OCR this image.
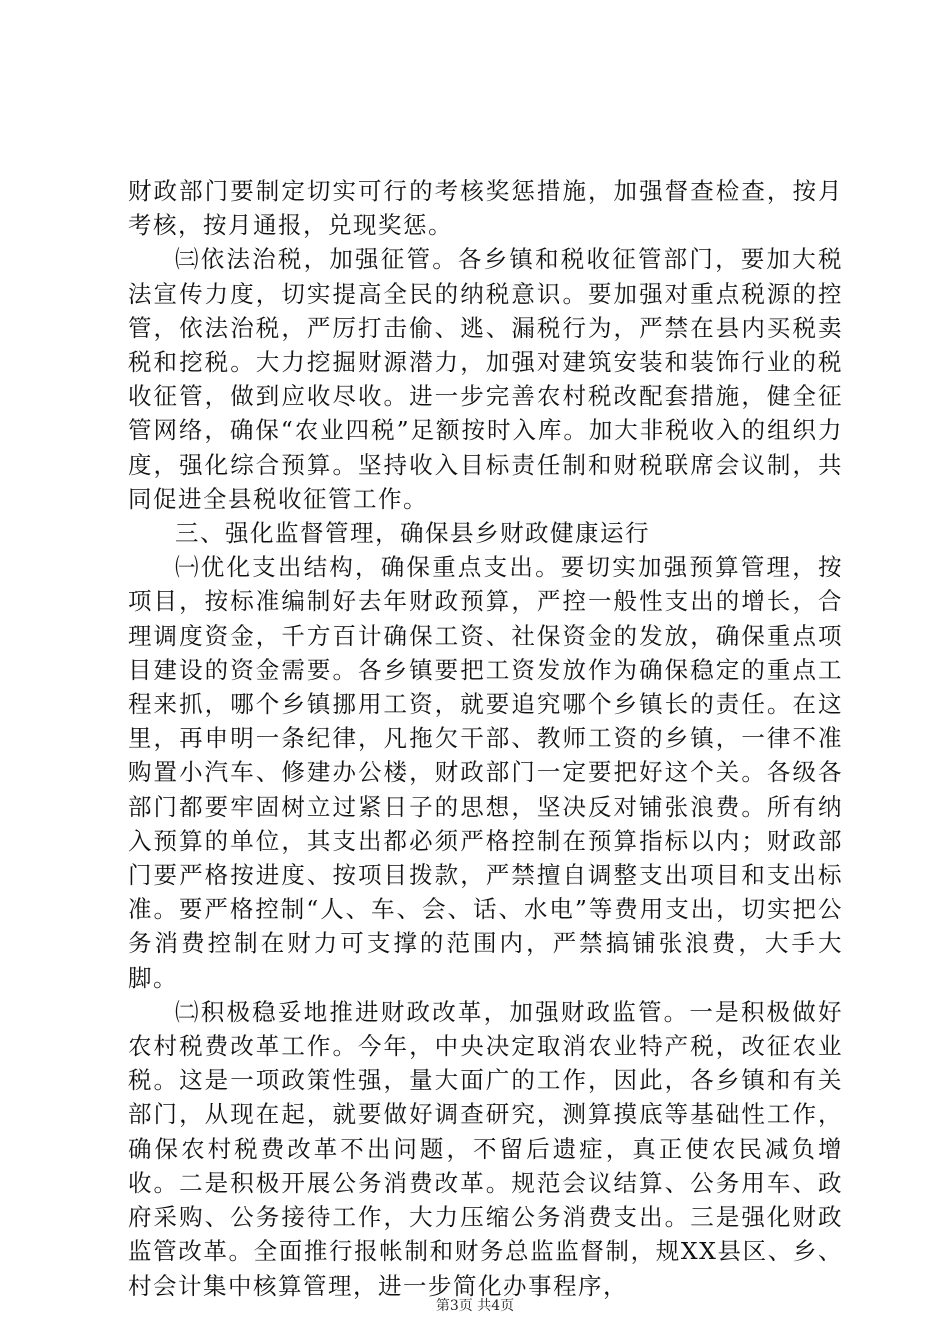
财政部门要制定切实可行的考核奖惩措施，加强督查检查，按月考核，按月通报，兑现奖惩。

㈢依法治税，加强征管。各乡镇和税收征管部门，要加大税法宣传力度，切实提高全民的纳税意识。要加强对重点税源的控管，依法治税，严厉打击偷、逃、漏税行为，严禁在县内买税卖税和挖税。大力挖掘财源潜力，加强对建筑安装和装饰行业的税收征管，做到应收尽收。进一步完善农村税改配套措施，健全征管网络，确保“农业四税”足额按时入库。加大非税收入的组织力度，强化综合预算。坚持收入目标责任制和财税联席会议制，共同促进全县税收征管工作。

三、强化监督管理，确保县乡财政健康运行

㈠优化支出结构，确保重点支出。要切实加强预算管理，按项目，按标准编制好去年财政预算，严控一般性支出的增长，合理调度资金，千方百计确保工资、社保资金的发放，确保重点项目建设的资金需要。各乡镇要把工资发放作为确保稳定的重点工程来抓，哪个乡镇挪用工资，就要追究哪个乡镇长的责任。在这里，再申明一条纪律，凡拖欠干部、教师工资的乡镇，一律不准购置小汽车、修建办公楼，财政部门一定要把好这个关。各级各部门都要牢固树立过紧日子的思想，坚决反对铺张浪费。所有纳入预算的单位，其支出都必须严格控制在预算指标以内；财政部门要严格按进度、按项目拨款，严禁擅自调整支出项目和支出标准。要严格控制“人、车、会、话、水电”等费用支出，切实把公务消费控制在财力可支撑的范围内，严禁搞铺张浪费，大手大脚。

㈡积极稳妥地推进财政改革，加强财政监管。一是积极做好农村税费改革工作。今年，中央决定取消农业特产税，改征农业税。这是一项政策性强，量大面广的工作，因此，各乡镇和有关部门，从现在起，就要做好调查研究，测算摸底等基础性工作，确保农村税费改革不出问题，不留后遗症，真正使农民减负增收。二是积极开展公务消费改革。规范会议结算、公务用车、政府采购、公务接待工作，大力压缩公务消费支出。三是强化财政监管改革。全面推行报帐制和财务总监监督制，规XX县区、乡、村会计集中核算管理，进一步简化办事程序，

第3页 共4页
